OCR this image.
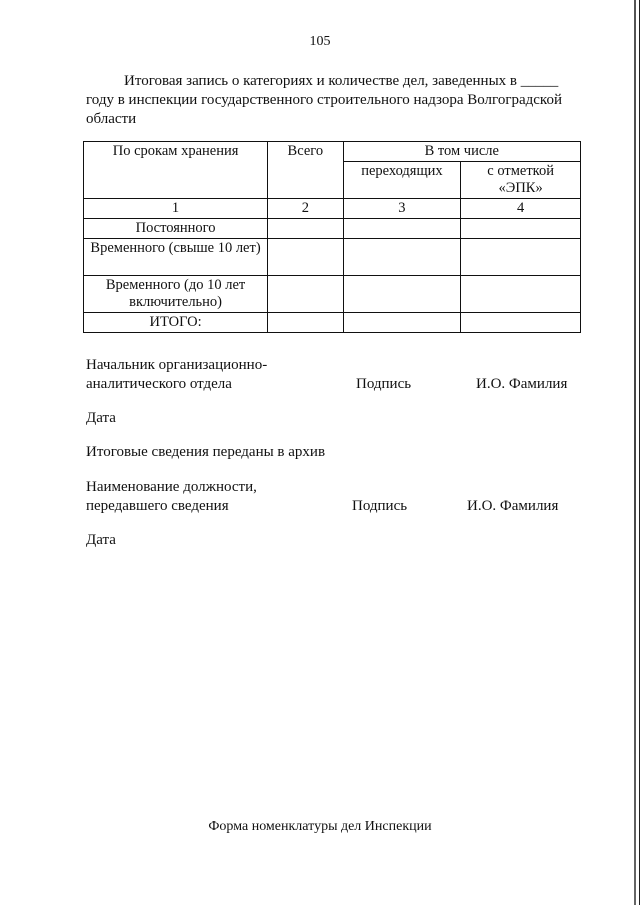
105
Итоговая запись о категориях и количестве дел, заведенных в _____
году в инспекции государственного строительного надзора Волгоградской
области
По срокам хранения	Всего	В том числе	
		переходящих	с отметкой «ЭПК»
1	2	3	4
Постоянного			
Временного (свыше 10 лет)			
Временного (до 10 лет включительно)			
ИТОГО:			
Начальник организационно-
аналитического отдела	Подпись	И.О. Фамилия
Дата
Итоговые сведения переданы в архив
Наименование должности,
передавшего сведения	Подпись	И.О. Фамилия
Дата
Форма номенклатуры дел Инспекции
